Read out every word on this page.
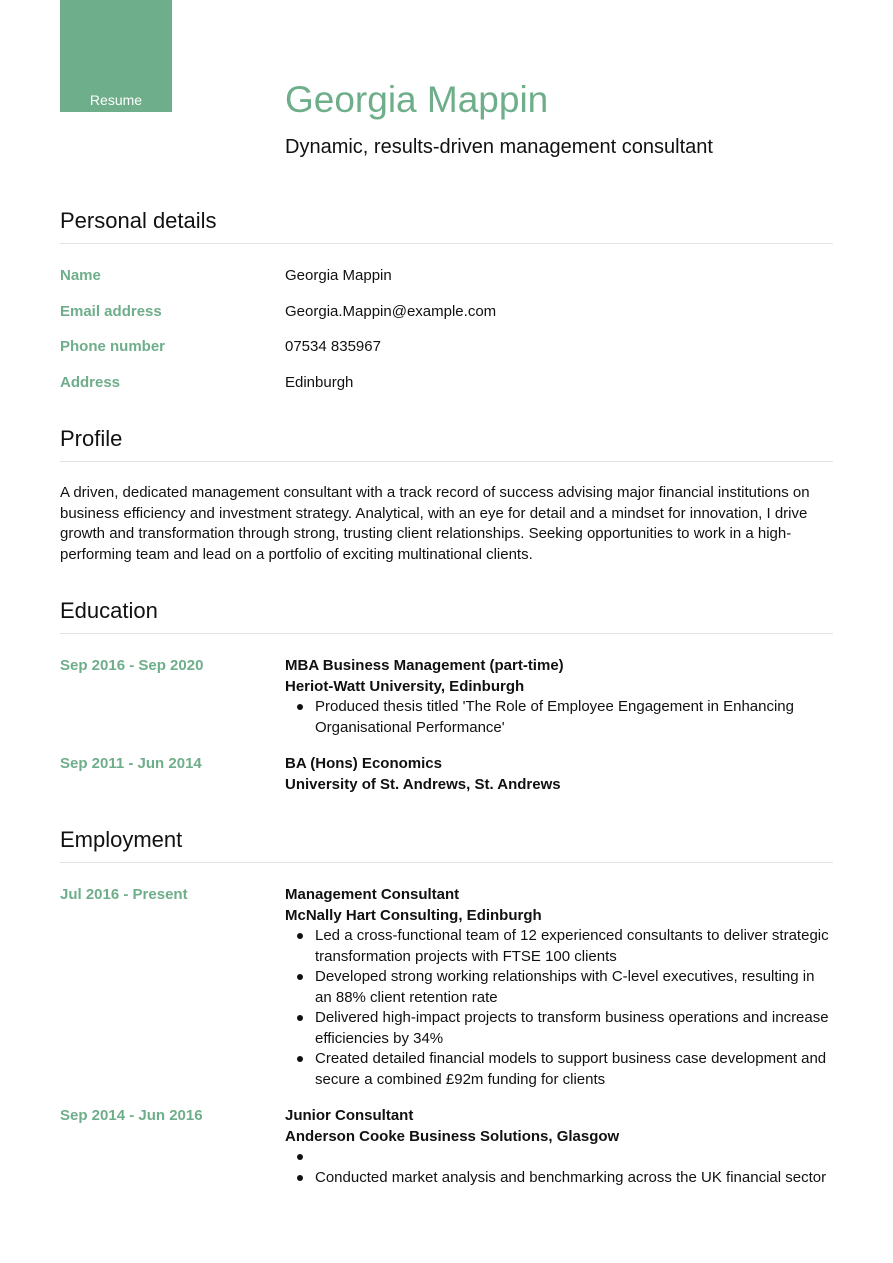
Resume	Georgia Mappin
Dynamic, results-driven management consultant
Personal details
Name	Georgia Mappin
Email address	Georgia.Mappin@example.com
Phone number	07534 835967
Address	Edinburgh
Profile

A driven, dedicated management consultant with a track record of success advising major financial institutions on business efficiency and investment strategy. Analytical, with an eye for detail and a mindset for innovation, I drive growth and transformation through strong, trusting client relationships. Seeking opportunities to work in a high-performing team and lead on a portfolio of exciting multinational clients.

Education
Sep 2016 - Sep 2020	MBA Business Management (part-time)
Heriot-Watt University, Edinburgh
Produced thesis titled 'The Role of Employee Engagement in Enhancing Organisational Performance'
Sep 2011 - Jun 2014	BA (Hons) Economics
University of St. Andrews, St. Andrews
Employment
Jul 2016 - Present	Management Consultant
McNally Hart Consulting, Edinburgh
Led a cross-functional team of 12 experienced consultants to deliver strategic transformation projects with FTSE 100 clients
Developed strong working relationships with C-level executives, resulting in an 88% client retention rate
Delivered high-impact projects to transform business operations and increase efficiencies by 34%
Created detailed financial models to support business case development and secure a combined £92m funding for clients
Sep 2014 - Jun 2016	Junior Consultant
Anderson Cooke Business Solutions, Glasgow
Conducted market analysis and benchmarking across the UK financial sector
